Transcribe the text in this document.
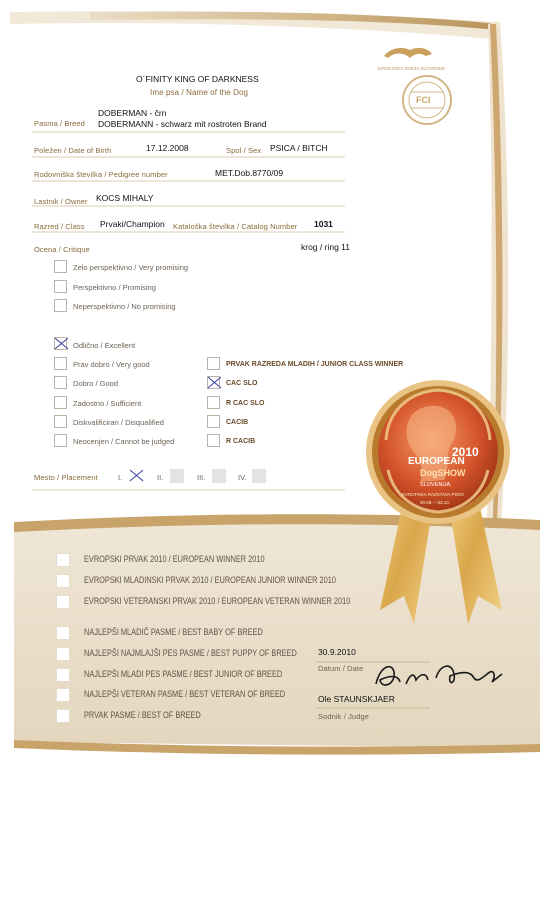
KINOLOŠKA ZVEZA SLOVENIJE
FCI
O´FINITY KING OF DARKNESS
Ime psa / Name of the Dog
Pasma / Breed
DOBERMAN - črn
DOBERMANN - schwarz mit rostroten Brand
Poležen / Date of Birth	17.12.2008	Spol / Sex PSICA / BITCH
Rodovniška številka / Pedigree number	MET.Dob.8770/09
Lastnik / Owner KOCS MIHALY
Razred / Class Prvaki/Champion Kataloška številka / Catalog Number 1031
Ocena / Critique	krog / ring 11
Zelo perspektivno / Very promising
Perspektivno / Promising
Neperspektivno / No promising
Odlično / Excellent
Prav dobro / Very good
Dobro / Good
Zadostno / Sufficient
Diskvalificiran / Disqualified
Neocenjen / Cannot be judged
PRVAK RAZREDA MLADIH / JUNIOR CLASS WINNER
CAC SLO
R CAC SLO
CACIB
R CACIB
Mesto / Placement	I.	II.	III.	IV.
2010
EUROPEAN
DogSHOW
SLOVENIJA
EVROPSKA RAZSTAVA PSOV
30.09. – 03.10.
EVROPSKI PRVAK 2010 / EUROPEAN WINNER 2010
EVROPSKI MLADINSKI PRVAK 2010 / EUROPEAN JUNIOR WINNER 2010
EVROPSKI VETERANSKI PRVAK 2010 / EUROPEAN VETERAN WINNER 2010
NAJLEPŠI MLADIČ PASME / BEST BABY OF BREED
NAJLEPŠI NAJMLAJŠI PES PASME / BEST PUPPY OF BREED
NAJLEPŠI MLADI PES PASME / BEST JUNIOR OF BREED
NAJLEPŠI VETERAN PASME / BEST VETERAN OF BREED
PRVAK PASME / BEST OF BREED
30.9.2010
Datum / Date
Ole STAUNSKJAER
Sodnik / Judge
